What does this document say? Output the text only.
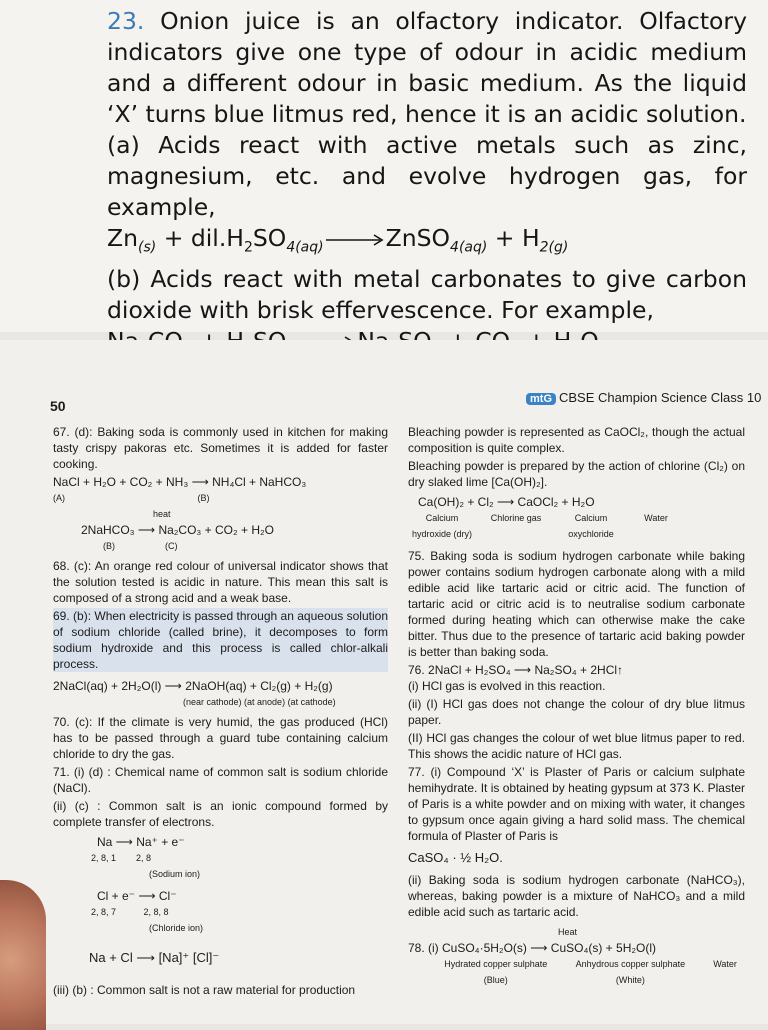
23. Onion juice is an olfactory indicator. Olfactory indicators give one type of odour in acidic medium and a different odour in basic medium. As the liquid ‘X’ turns blue litmus red, hence it is an acidic solution.

(a) Acids react with active metals such as zinc, magnesium, etc. and evolve hydrogen gas, for example,

$Zn_{(s)} + dil.H_2SO_{4(aq)}$	ZnSO$_{4(aq)}$ + $H_{2(g)}$

(b) Acids react with metal carbonates to give carbon dioxide with brisk effervescence. For example,

50	mtG CBSE Champion Science Class 10

67. (d): Baking soda is commonly used in kitchen for making tasty crispy pakoras etc. Sometimes it is added for faster cooking.

NaCl + H₂O + CO₂ + NH₃ ⟶ NH₄Cl + NaHCO₃
(A)                                                     (B)
heat
2NaHCO₃ ⟶ Na₂CO₃ + CO₂ + H₂O
(B)                    (C)

68. (c): An orange red colour of universal indicator shows that the solution tested is acidic in nature. This mean this salt is composed of a strong acid and a weak base.

69. (b): When electricity is passed through an aqueous solution of sodium chloride (called brine), it decomposes to form sodium hydroxide and this process is called chlor-alkali process.

2NaCl(aq) + 2H₂O(l) ⟶ 2NaOH(aq) + Cl₂(g) + H₂(g)
(near cathode) (at anode) (at cathode)

70. (c): If the climate is very humid, the gas produced (HCl) has to be passed through a guard tube containing calcium chloride to dry the gas.

71. (i) (d) : Chemical name of common salt is sodium chloride (NaCl).

(ii) (c) : Common salt is an ionic compound formed by complete transfer of electrons.

Na ⟶ Na⁺ + e⁻
2, 8, 1        2, 8
(Sodium ion)
Cl + e⁻ ⟶ Cl⁻
2, 8, 7           2, 8, 8
(Chloride ion)
Na + Cl ⟶ [Na]⁺ [Cl]⁻

(iii) (b) : Common salt is not a raw material for production

Bleaching powder is represented as CaOCl₂, though the actual composition is quite complex.

Bleaching powder is prepared by the action of chlorine (Cl₂) on dry slaked lime [Ca(OH)₂].

Ca(OH)₂ + Cl₂ ⟶ CaOCl₂ + H₂O
Calcium hydroxide (dry)
Chlorine gas	Calcium oxychloride
Water

75. Baking soda is sodium hydrogen carbonate while baking power contains sodium hydrogen carbonate along with a mild edible acid like tartaric acid or citric acid. The function of tartaric acid or citric acid is to neutralise sodium carbonate formed during heating which can otherwise make the cake bitter. Thus due to the presence of tartaric acid baking powder is better than baking soda.

76. 2NaCl + H₂SO₄ ⟶ Na₂SO₄ + 2HCl↑

(i) HCl gas is evolved in this reaction.

(ii) (I) HCl gas does not change the colour of dry blue litmus paper.

(II) HCl gas changes the colour of wet blue litmus paper to red. This shows the acidic nature of HCl gas.

77. (i) Compound ‘X’ is Plaster of Paris or calcium sulphate hemihydrate. It is obtained by heating gypsum at 373 K. Plaster of Paris is a white powder and on mixing with water, it changes to gypsum once again giving a hard solid mass. The chemical formula of Plaster of Paris is

CaSO₄ · ½ H₂O.

(ii) Baking soda is sodium hydrogen carbonate (NaHCO₃), whereas, baking powder is a mixture of NaHCO₃ and a mild edible acid such as tartaric acid.

Heat
78. (i) CuSO₄·5H₂O(s) ⟶ CuSO₄(s) + 5H₂O(l)
Hydrated copper sulphate (Blue)
Anhydrous copper sulphate (White)
Water
